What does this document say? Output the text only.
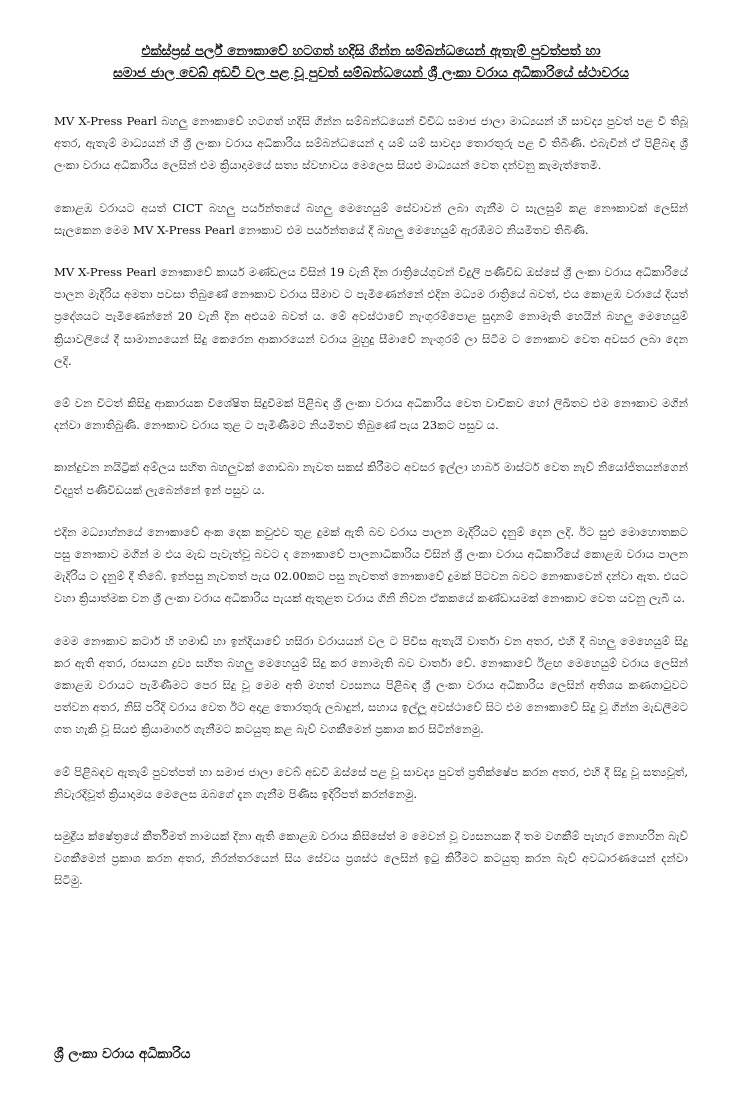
එක්ස්ප්‍රස් පර්ල් නෞකාවේ හටගත් හදිසි ගින්න සම්බන්ධයෙන් ඇතැම් පුවත්පත් හා
සමාජ ජාල වෙබ් අඩවි වල පළ වූ පුවත් සම්බන්ධයෙන් ශ්‍රී ලංකා වරාය අධිකාරියේ ස්ථාවරය

MV X-Press Pearl බහලු නෞකාවේ හටගත් හදිසි ගින්න සම්බන්ධයෙන් විවිධ සමාජ ජාලා මාධ්‍යයන් හි සාවද්‍ය පුවත් පළ වී තිබූ අතර, ඇතැම් මාධ්‍යයන් හි ශ්‍රී ලංකා වරාය අධිකාරිය සම්බන්ධයෙන් ද යම් යම් සාවද්‍ය තොරතුරු පළ වී තිබිණි. එබැවින් ඒ පිළිබඳ ශ්‍රී ලංකා වරාය අධිකාරිය ලෙසින් එම ක්‍රියාදාමයේ සත්‍ය ස්වභාවය මෙලෙස සියළු මාධ්‍යයන් වෙත දන්වනු කැමැත්තෙමි.

කොළඹ වරායට අයත් CICT බහලු පර්යන්තයේ බහලු මෙහෙයුම් සේවාවන් ලබා ගැනීම ට සැලසුම් කළ නෞකාවක් ලෙසින් සැලකෙන මෙම MV X-Press Pearl නෞකාව එම පර්යන්තයේ දී බහලු මෙහෙයුම් ඇරඹීමට නියමිතව තිබිණි.

MV X-Press Pearl නෞකාවේ කාර්ය මණ්ඩලය විසින් 19 වැනි දින රාත්‍රියේගුවන් විදුලි පණිවිඩ ඔස්සේ ශ්‍රී ලංකා වරාය අධිකාරියේ පාලන මැදිරිය අමතා පවසා තිබුණේ නෞකාව වරාය සීමාව ට පැමිණෙන්නේ එදින මධ්‍යම රාත්‍රියේ බවත්, එය කොළඹ වරායේ දියත් ප්‍රදේශයට පැමිණෙන්නේ 20 වැනි දින අළුයම බවත් ය. මේ අවස්ථාවේ නැංගුරම්පොළ සුදානම් නොමැති හෙයින් බහලු මෙහෙයුම් ක්‍රියාවලියේ දී සාමාන්‍යයෙන් සිදු කෙරෙන ආකාරයෙන් වරාය මුහුදු සීමාවේ නැංගුරම් ලා සිටීම ට නෞකාව වෙත අවසර ලබා දෙන ලදි.

මේ වන විටත් කිසිදු ආකාරයක විශේෂිත සිදුවීමක් පිළිබඳ ශ්‍රී ලංකා වරාය අධිකාරිය වෙත වාචිකව හෝ ලිඛිතව එම නෞකාව මගින් දන්වා නොතිබුණි. නෞකාව වරාය තුළ ට පැමිණීමට නියමිතව තිබුණේ පැය 23කට පසුව ය.

කාන්දුවන නයිට්‍රික් අම්ලය සහිත බහලුවක් ගොඩබා නැවත සකස් කිරීමට අවසර ඉල්ලා හාබර් මාස්ටර් වෙත නැව් නියෝජිතයන්ගෙන් විද්‍යුත් පණිවිඩයක් ලැබෙන්නේ ඉන් පසුව ය.

එදින මධ්‍යාහ්නයේ නෞකාවේ අංක දෙක කවුළුව තුළ දුමක් ඇති බව වරාය පාලන මැදිරියට දැනුම් දෙන ලදි. ඊට සුළු මොහොතකට පසු නෞකාව මගින් ම එය මැඩ පැවැත්වූ බවට ද නෞකාවේ පාලනාධිකාරිය විසින් ශ්‍රී ලංකා වරාය අධිකාරියේ කොළඹ වරාය පාලන මැදිරිය ට දැනුම් දී තිබේ. ඉන්පසු නැවතත් පැය 02.00කට පසු නැවතත් නෞකාවේ දුමක් පිටවන බවට නෞකාවෙන් දන්වා ඇත. එයට වහා ක්‍රියාත්මක වන ශ්‍රී ලංකා වරාය අධිකාරිය පැයක් ඇතුළත වරාය ගිනි නිවන ඒකකයේ කණ්ඩායමක් නෞකාව වෙත යවනු ලැබී ය.

මෙම නෞකාව කටාර් හි හමාඩ් හා ඉන්දියාවේ හසිරා වරායයන් වල ට පිවිස ඇතැයි වාර්තා වන අතර, එහි දී බහලු මෙහෙයුම් සිදු කර ඇති අතර, රසායන ද්‍රව්‍ය සහිත බහලු මෙහෙයුම් සිදු කර නොමැති බව වාර්තා වේ. නෞකාවේ ඊළඟ මෙහෙයුම් වරාය ලෙසින් කොළඹ වරායට පැමිණීමට පෙර සිදු වූ මෙම අති මහත් ව්‍යසනය පිළිබඳ ශ්‍රී ලංකා වරාය අධිකාරිය ලෙසින් අතිශය කණගාටුවට පත්වන අතර, නිසි පරිදි වරාය වෙත ඊට අදාළ තොරතුරු ලබාදුන්, සහාය ඉල්ලූ අවස්ථාවේ සිට එම නෞකාවේ සිදු වූ ගින්න මැඩලීමට ගත හැකි වූ සියළු ක්‍රියාමාර්ග ගැනීමට කටයුතු කළ බැව් වගකීමෙන් ප්‍රකාශ කර සිටින්නෙමු.

මේ පිළිබඳව ඇතැම් පුවත්පත් හා සමාජ ජාලා වෙබ් අඩවි ඔස්සේ පළ වූ සාවද්‍ය පුවත් ප්‍රතික්ෂේප කරන අතර, එහි දී සිදු වූ සත්‍යවූත්, නිවැරදිවූත් ක්‍රියාදාමය මෙලෙස ඔබගේ දැන ගැනීම පිණිස ඉදිරිපත් කරන්නෙමු.

සමුද්‍රීය ක්ෂේත්‍රයේ කීර්තිමත් නාමයක් දිනා ඇති කොළඹ වරාය කිසිසේත් ම මෙවන් වූ ව්‍යසනයක දී තම වගකීම් පැහැර නොහරින බැව් වගකීමෙන් ප්‍රකාශ කරන අතර, නිරන්තරයෙන් සිය සේවය ප්‍රශස්ථ ලෙසින් ඉටු කිරීමට කටයුතු කරන බැව් අවධාරණයෙන් දන්වා සිටිමු.

ශ්‍රී ලංකා වරාය අධිකාරිය
